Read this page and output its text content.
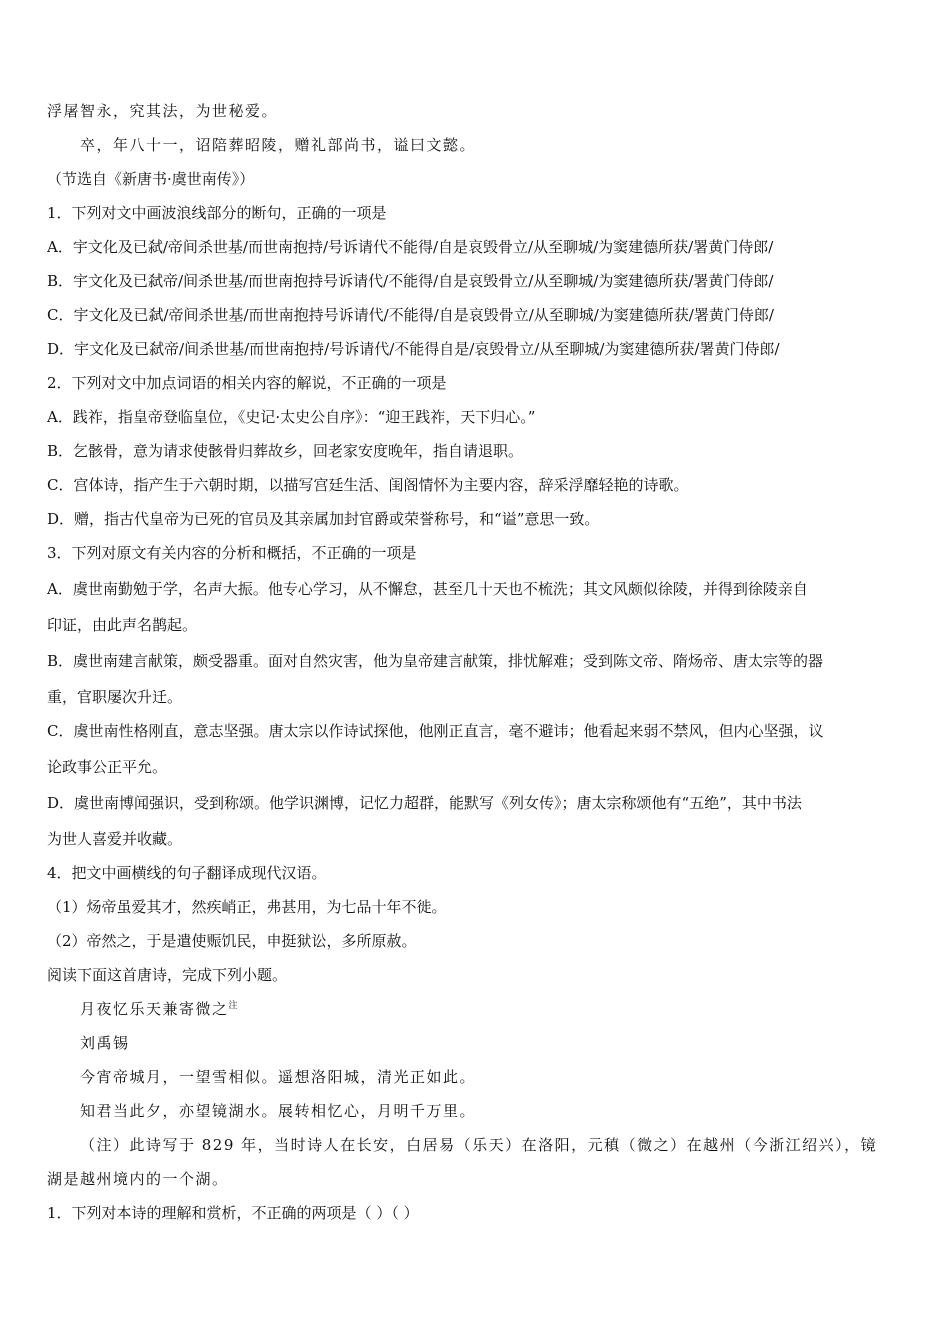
浮屠智永，究其法，为世秘爱。
卒，年八十一，诏陪葬昭陵，赠礼部尚书，谥曰文懿。
（节选自《新唐书·虞世南传》）
1．下列对文中画波浪线部分的断句，正确的一项是
A．宇文化及已弑/帝间杀世基/而世南抱持/号诉请代不能得/自是哀毁骨立/从至聊城/为窦建德所获/署黄门侍郎/
B．宇文化及已弑帝/间杀世基/而世南抱持号诉请代/不能得/自是哀毁骨立/从至聊城/为窦建德所获/署黄门侍郎/
C．宇文化及已弑/帝间杀世基/而世南抱持号诉请代/不能得/自是哀毁骨立/从至聊城/为窦建德所获/署黄门侍郎/
D．宇文化及已弑帝/间杀世基/而世南抱持/号诉请代/不能得自是/哀毁骨立/从至聊城/为窦建德所获/署黄门侍郎/
2．下列对文中加点词语的相关内容的解说，不正确的一项是
A．践祚，指皇帝登临皇位，《史记·太史公自序》：“迎王践祚，天下归心。”
B．乞骸骨，意为请求使骸骨归葬故乡，回老家安度晚年，指自请退职。
C．宫体诗，指产生于六朝时期，以描写宫廷生活、闺阁情怀为主要内容，辞采浮靡轻艳的诗歌。
D．赠，指古代皇帝为已死的官员及其亲属加封官爵或荣誉称号，和“谥”意思一致。
3．下列对原文有关内容的分析和概括，不正确的一项是
A．虞世南勤勉于学，名声大振。他专心学习，从不懈怠，甚至几十天也不梳洗；其文风颇似徐陵，并得到徐陵亲自
印证，由此声名鹊起。
B．虞世南建言献策，颇受器重。面对自然灾害，他为皇帝建言献策，排忧解难；受到陈文帝、隋炀帝、唐太宗等的器
重，官职屡次升迁。
C．虞世南性格刚直，意志坚强。唐太宗以作诗试探他，他刚正直言，毫不避讳；他看起来弱不禁风，但内心坚强，议
论政事公正平允。
D．虞世南博闻强识，受到称颂。他学识渊博，记忆力超群，能默写《列女传》；唐太宗称颂他有“五绝”，其中书法
为世人喜爱并收藏。
4．把文中画横线的句子翻译成现代汉语。
（1）炀帝虽爱其才，然疾峭正，弗甚用，为七品十年不徙。
（2）帝然之，于是遣使赈饥民，申挺狱讼，多所原赦。
阅读下面这首唐诗，完成下列小题。
月夜忆乐天兼寄微之$^注$
刘禹锡
今宵帝城月，一望雪相似。遥想洛阳城，清光正如此。
知君当此夕，亦望镜湖水。展转相忆心，月明千万里。
（注）此诗写于 829 年，当时诗人在长安，白居易（乐天）在洛阳，元稹（微之）在越州（今浙江绍兴），镜
湖是越州境内的一个湖。
1．下列对本诗的理解和赏析，不正确的两项是（ ）（ ）
